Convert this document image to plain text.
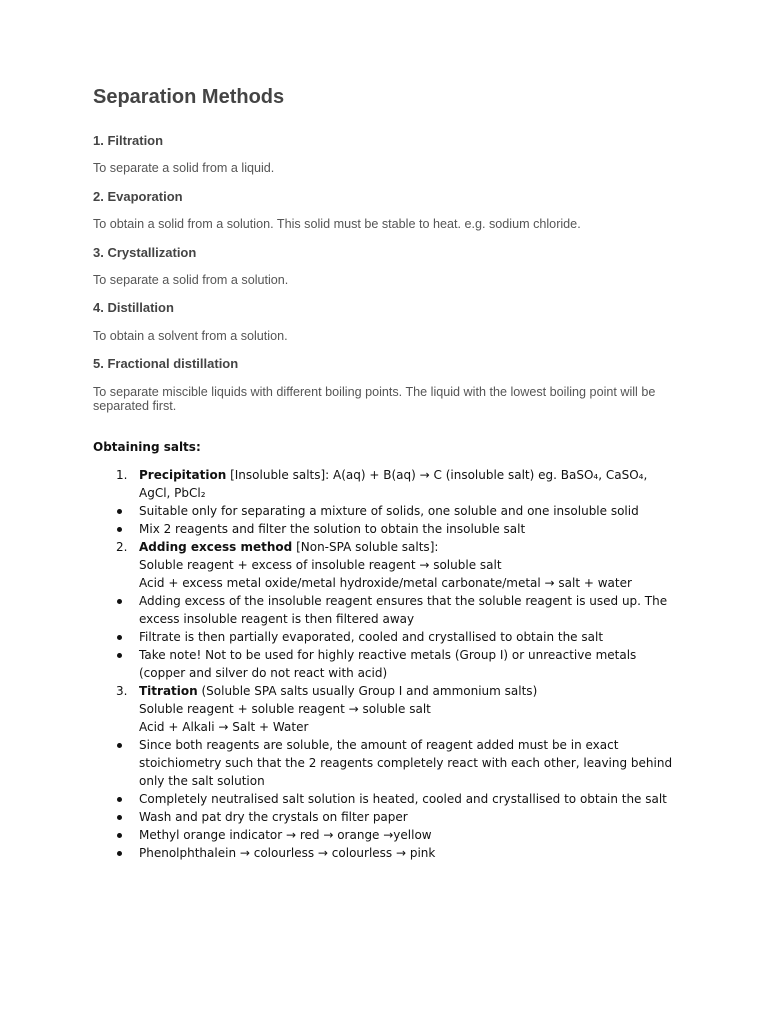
Separation Methods
1. Filtration
To separate a solid from a liquid.
2. Evaporation
To obtain a solid from a solution. This solid must be stable to heat. e.g. sodium chloride.
3. Crystallization
To separate a solid from a solution.
4. Distillation
To obtain a solvent from a solution.
5. Fractional distillation
To separate miscible liquids with different boiling points. The liquid with the lowest boiling point will be separated first.
Obtaining salts:
1. Precipitation [Insoluble salts]: A(aq) + B(aq) → C (insoluble salt) eg. BaSO₄, CaSO₄, AgCl, PbCl₂
Suitable only for separating a mixture of solids, one soluble and one insoluble solid
Mix 2 reagents and filter the solution to obtain the insoluble salt
2. Adding excess method [Non-SPA soluble salts]:
Soluble reagent + excess of insoluble reagent → soluble salt
Acid + excess metal oxide/metal hydroxide/metal carbonate/metal → salt + water
Adding excess of the insoluble reagent ensures that the soluble reagent is used up. The excess insoluble reagent is then filtered away
Filtrate is then partially evaporated, cooled and crystallised to obtain the salt
Take note! Not to be used for highly reactive metals (Group I) or unreactive metals (copper and silver do not react with acid)
3. Titration (Soluble SPA salts usually Group I and ammonium salts)
Soluble reagent + soluble reagent → soluble salt
Acid + Alkali → Salt + Water
Since both reagents are soluble, the amount of reagent added must be in exact stoichiometry such that the 2 reagents completely react with each other, leaving behind only the salt solution
Completely neutralised salt solution is heated, cooled and crystallised to obtain the salt
Wash and pat dry the crystals on filter paper
Methyl orange indicator → red → orange →yellow
Phenolphthalein → colourless → colourless → pink
